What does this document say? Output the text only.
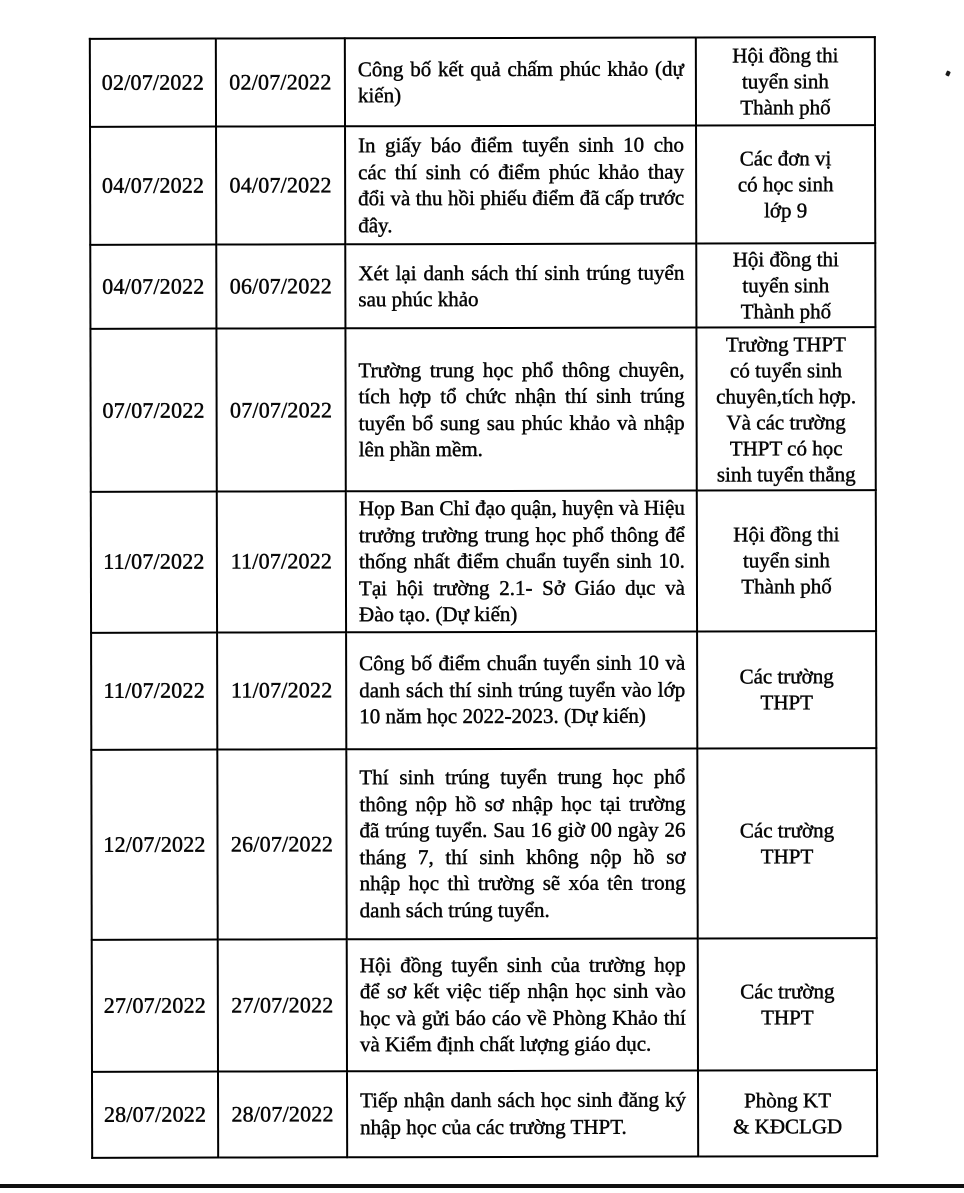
02/07/2022	02/07/2022	Công bố kết quả chấm phúc khảo (dự kiến)	Hội đồng thi
tuyển sinh
Thành phố
04/07/2022	04/07/2022	In giấy báo điểm tuyển sinh 10 cho các thí sinh có điểm phúc khảo thay đổi và thu hồi phiếu điểm đã cấp trước đây.	Các đơn vị
có học sinh
lớp 9
04/07/2022	06/07/2022	Xét lại danh sách thí sinh trúng tuyển sau phúc khảo	Hội đồng thi
tuyển sinh
Thành phố
07/07/2022	07/07/2022	Trường trung học phổ thông chuyên, tích hợp tổ chức nhận thí sinh trúng tuyển bổ sung sau phúc khảo và nhập lên phần mềm.	Trường THPT
có tuyển sinh
chuyên,tích hợp.
Và các trường
THPT có học
sinh tuyển thẳng
11/07/2022	11/07/2022	Họp Ban Chỉ đạo quận, huyện và Hiệu trưởng trường trung học phổ thông để thống nhất điểm chuẩn tuyển sinh 10. Tại hội trường 2.1- Sở Giáo dục và Đào tạo. (Dự kiến)	Hội đồng thi
tuyển sinh
Thành phố
11/07/2022	11/07/2022	Công bố điểm chuẩn tuyển sinh 10 và danh sách thí sinh trúng tuyển vào lớp 10 năm học 2022-2023. (Dự kiến)	Các trường
THPT
12/07/2022	26/07/2022	Thí sinh trúng tuyển trung học phổ thông nộp hồ sơ nhập học tại trường đã trúng tuyển. Sau 16 giờ 00 ngày 26 tháng 7, thí sinh không nộp hồ sơ nhập học thì trường sẽ xóa tên trong danh sách trúng tuyển.	Các trường
THPT
27/07/2022	27/07/2022	Hội đồng tuyển sinh của trường họp để sơ kết việc tiếp nhận học sinh vào học và gửi báo cáo về Phòng Khảo thí và Kiểm định chất lượng giáo dục.	Các trường
THPT
28/07/2022	28/07/2022	Tiếp nhận danh sách học sinh đăng ký nhập học của các trường THPT.	Phòng KT
& KĐCLGD
